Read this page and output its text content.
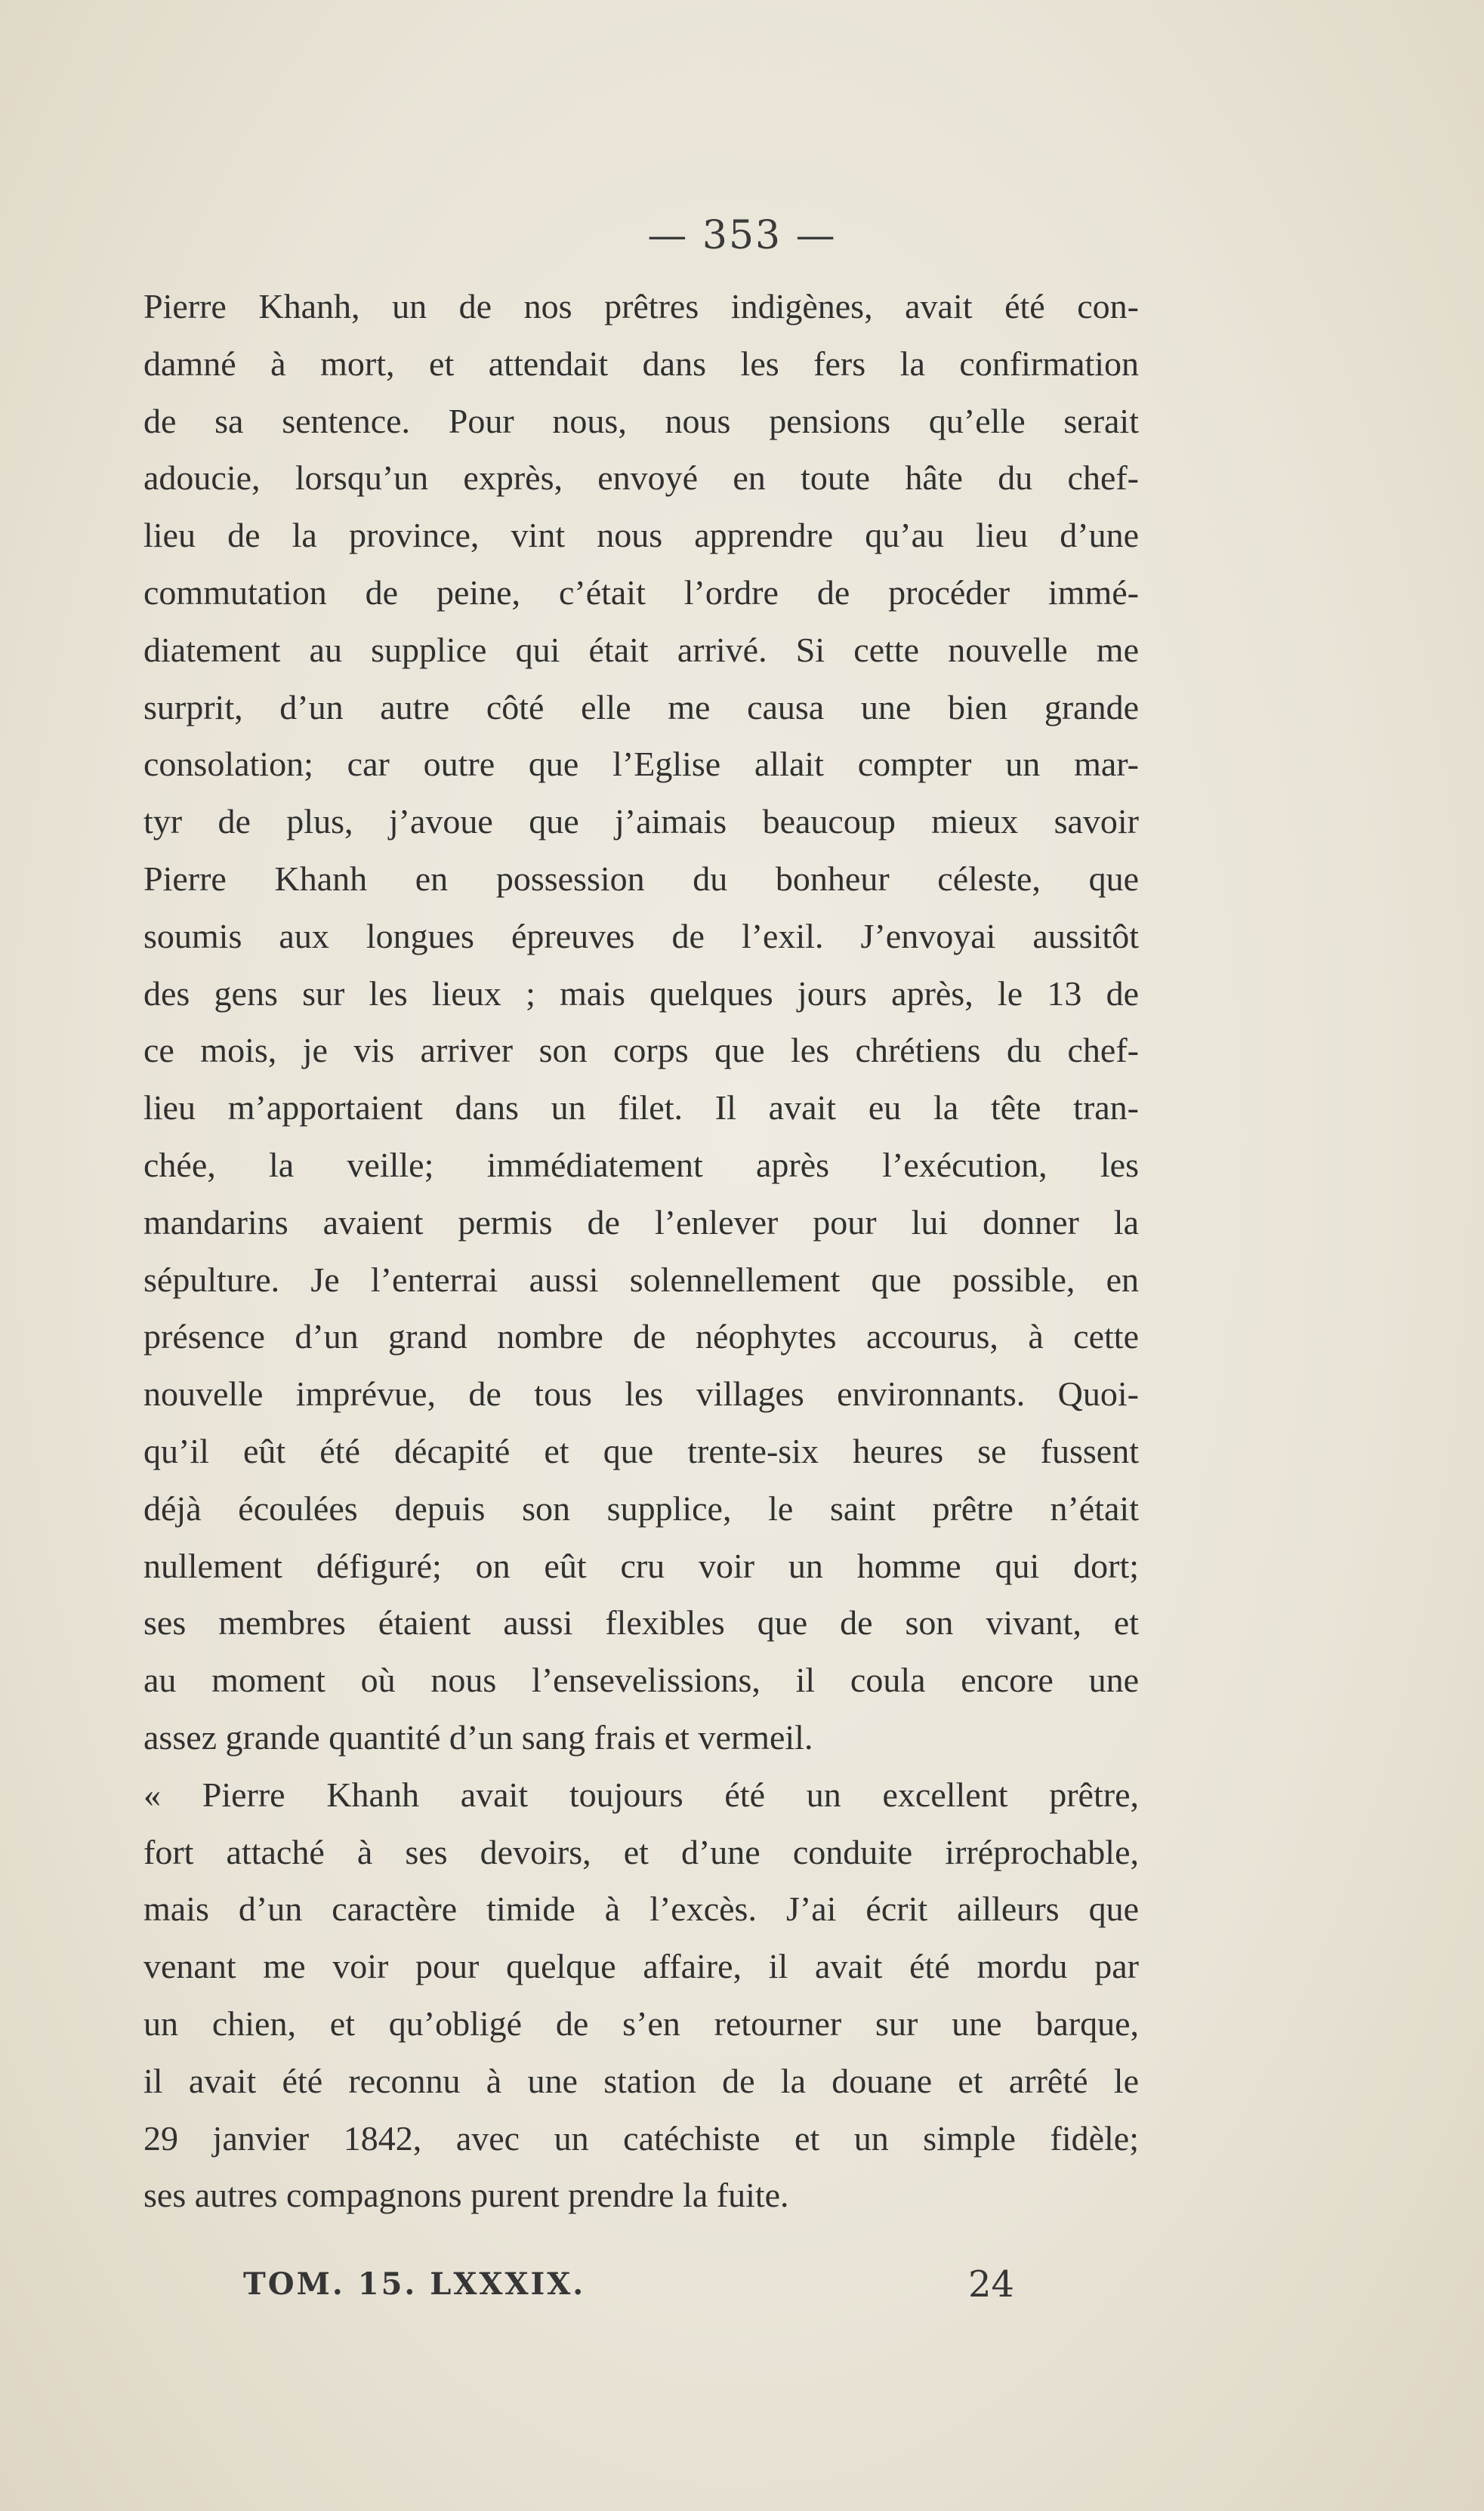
— 353 —
Pierre Khanh, un de nos prêtres indigènes, avait été con-
damné à mort, et attendait dans les fers la confirmation
de sa sentence. Pour nous, nous pensions qu’elle serait
adoucie, lorsqu’un exprès, envoyé en toute hâte du chef-
lieu de la province, vint nous apprendre qu’au lieu d’une
commutation de peine, c’était l’ordre de procéder immé-
diatement au supplice qui était arrivé. Si cette nouvelle me
surprit, d’un autre côté elle me causa une bien grande
consolation; car outre que l’Eglise allait compter un mar-
tyr de plus, j’avoue que j’aimais beaucoup mieux savoir
Pierre Khanh en possession du bonheur céleste, que
soumis aux longues épreuves de l’exil. J’envoyai aussitôt
des gens sur les lieux ; mais quelques jours après, le 13 de
ce mois, je vis arriver son corps que les chrétiens du chef-
lieu m’apportaient dans un filet. Il avait eu la tête tran-
chée, la veille; immédiatement après l’exécution, les
mandarins avaient permis de l’enlever pour lui donner la
sépulture. Je l’enterrai aussi solennellement que possible, en
présence d’un grand nombre de néophytes accourus, à cette
nouvelle imprévue, de tous les villages environnants. Quoi-
qu’il eût été décapité et que trente-six heures se fussent
déjà écoulées depuis son supplice, le saint prêtre n’était
nullement défiguré; on eût cru voir un homme qui dort;
ses membres étaient aussi flexibles que de son vivant, et
au moment où nous l’ensevelissions, il coula encore une
assez grande quantité d’un sang frais et vermeil.
« Pierre Khanh avait toujours été un excellent prêtre,
fort attaché à ses devoirs, et d’une conduite irréprochable,
mais d’un caractère timide à l’excès. J’ai écrit ailleurs que
venant me voir pour quelque affaire, il avait été mordu par
un chien, et qu’obligé de s’en retourner sur une barque,
il avait été reconnu à une station de la douane et arrêté le
29 janvier 1842, avec un catéchiste et un simple fidèle;
ses autres compagnons purent prendre la fuite.
TOM. 15. LXXXIX.	24
